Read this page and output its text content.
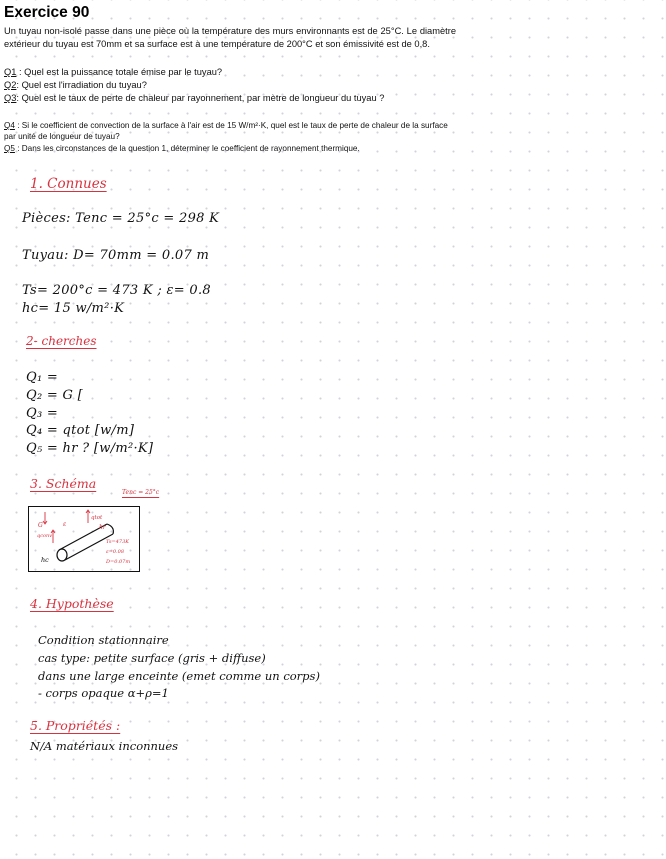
Exercice 90

Un tuyau non-isolé passe dans une pièce où la température des murs environnants est de 25°C. Le diamètre extérieur du tuyau est 70mm et sa surface est à une température de 200°C et son émissivité est de 0,8.

Q1 : Quel est la puissance totale émise par le tuyau?
Q2: Quel est l'irradiation du tuyau?
Q3: Quel est le taux de perte de chaleur par rayonnement, par mètre de longueur du tuyau ?
Q4 : Si le coefficient de convection de la surface à l'air est de 15 W/m²·K, quel est le taux de perte de chaleur de la surface par unité de longueur de tuyau?
Q5 : Dans les circonstances de la question 1, déterminer le coefficient de rayonnement thermique.
1. Connues
Pièces: Tenc = 25°c = 298 K
Tuyau: D= 70mm = 0.07 m
Ts= 200°c = 473 K ; ε= 0.8
hc= 15 w/m²·K
2- cherches
Q₁ =
Q₂ = G [
Q₃ =
Q₄ = qtot [w/m]
Q₅ = hr ? [w/m²·K]
3. Schéma
Tenc = 25°c
G	ε
qtot
qconv
hr
hc
Ts=473K
ε=0.08
D=0.07m
4. Hypothèse
Condition stationnaire
cas type: petite surface (gris + diffuse)
dans une large enceinte (emet comme un corps)
- corps opaque α+ρ=1
5. Propriétés :
N/A matériaux inconnues
